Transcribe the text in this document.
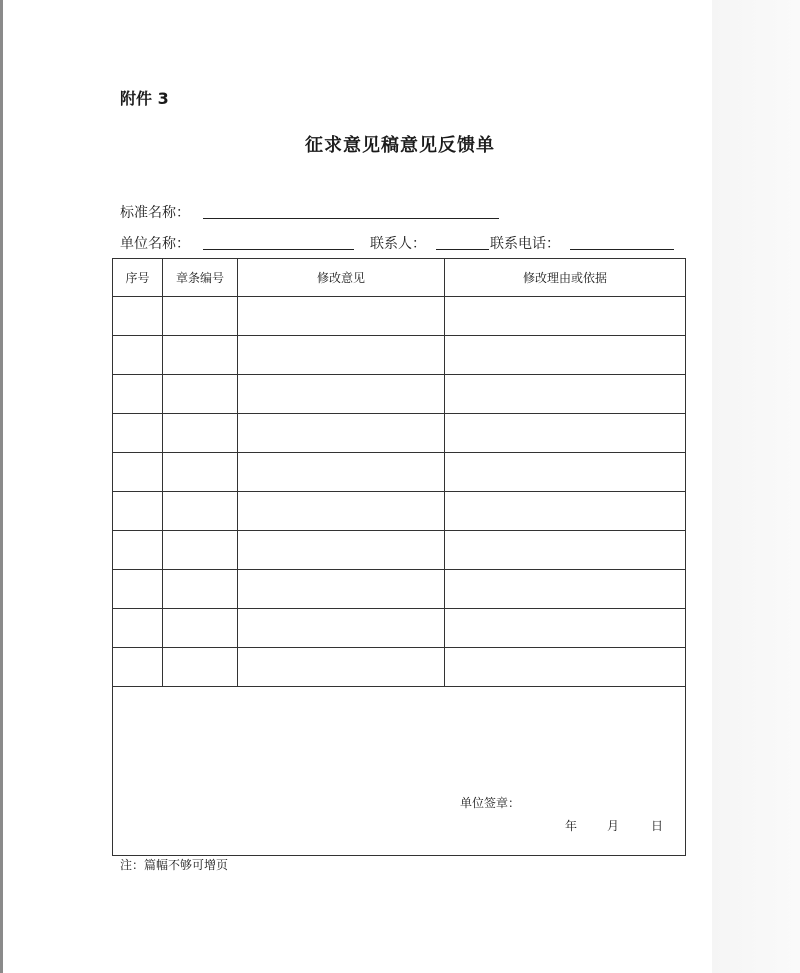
附件 3
征求意见稿意见反馈单
标准名称：
单位名称：	联系人：	联系电话：
序号	章条编号	修改意见	修改理由或依据

单位签章：
年 月 日			
注：篇幅不够可增页
